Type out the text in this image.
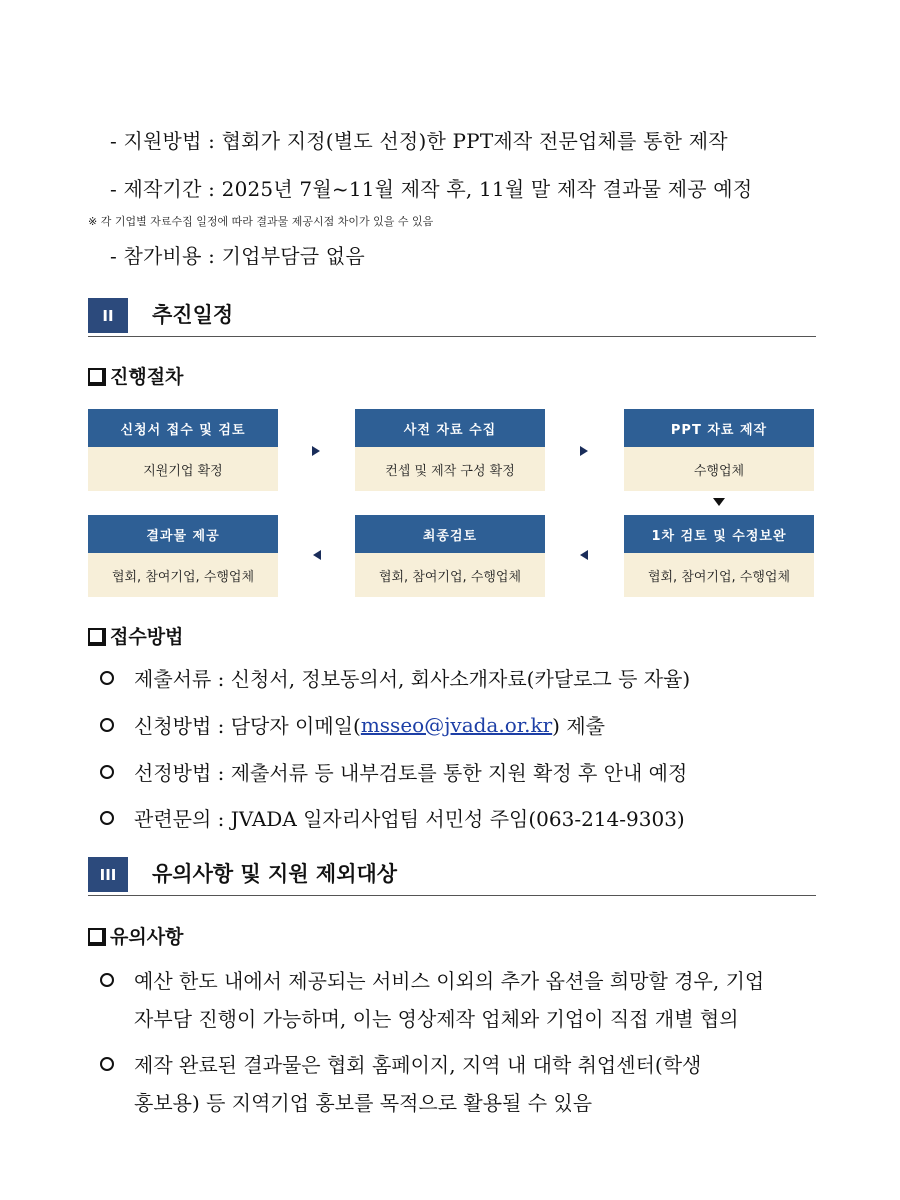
- 지원방법 : 협회가 지정(별도 선정)한 PPT제작 전문업체를 통한 제작
- 제작기간 : 2025년 7월~11월 제작 후, 11월 말 제작 결과물 제공 예정
※ 각 기업별 자료수집 일정에 따라 결과물 제공시점 차이가 있을 수 있음
- 참가비용 : 기업부담금 없음
II	추진일정
진행절차
신청서 접수 및 검토
지원기업 확정
사전 자료 수집
컨셉 및 제작 구성 확정
PPT 자료 제작
수행업체
1차 검토 및 수정보완
협회, 참여기업, 수행업체
최종검토
협회, 참여기업, 수행업체
결과물 제공
협회, 참여기업, 수행업체
접수방법
제출서류 : 신청서, 정보동의서, 회사소개자료(카달로그 등 자율)
신청방법 : 담당자 이메일( msseo@jvada.or.kr ) 제출
선정방법 : 제출서류 등 내부검토를 통한 지원 확정 후 안내 예정
관련문의 : JVADA 일자리사업팀 서민성 주임(063-214-9303)
III	유의사항 및 지원 제외대상
유의사항
예산 한도 내에서 제공되는 서비스 이외의 추가 옵션을 희망할 경우, 기업
자부담 진행이 가능하며, 이는 영상제작 업체와 기업이 직접 개별 협의
제작 완료된 결과물은 협회 홈페이지, 지역 내 대학 취업센터(학생
홍보용) 등 지역기업 홍보를 목적으로 활용될 수 있음
